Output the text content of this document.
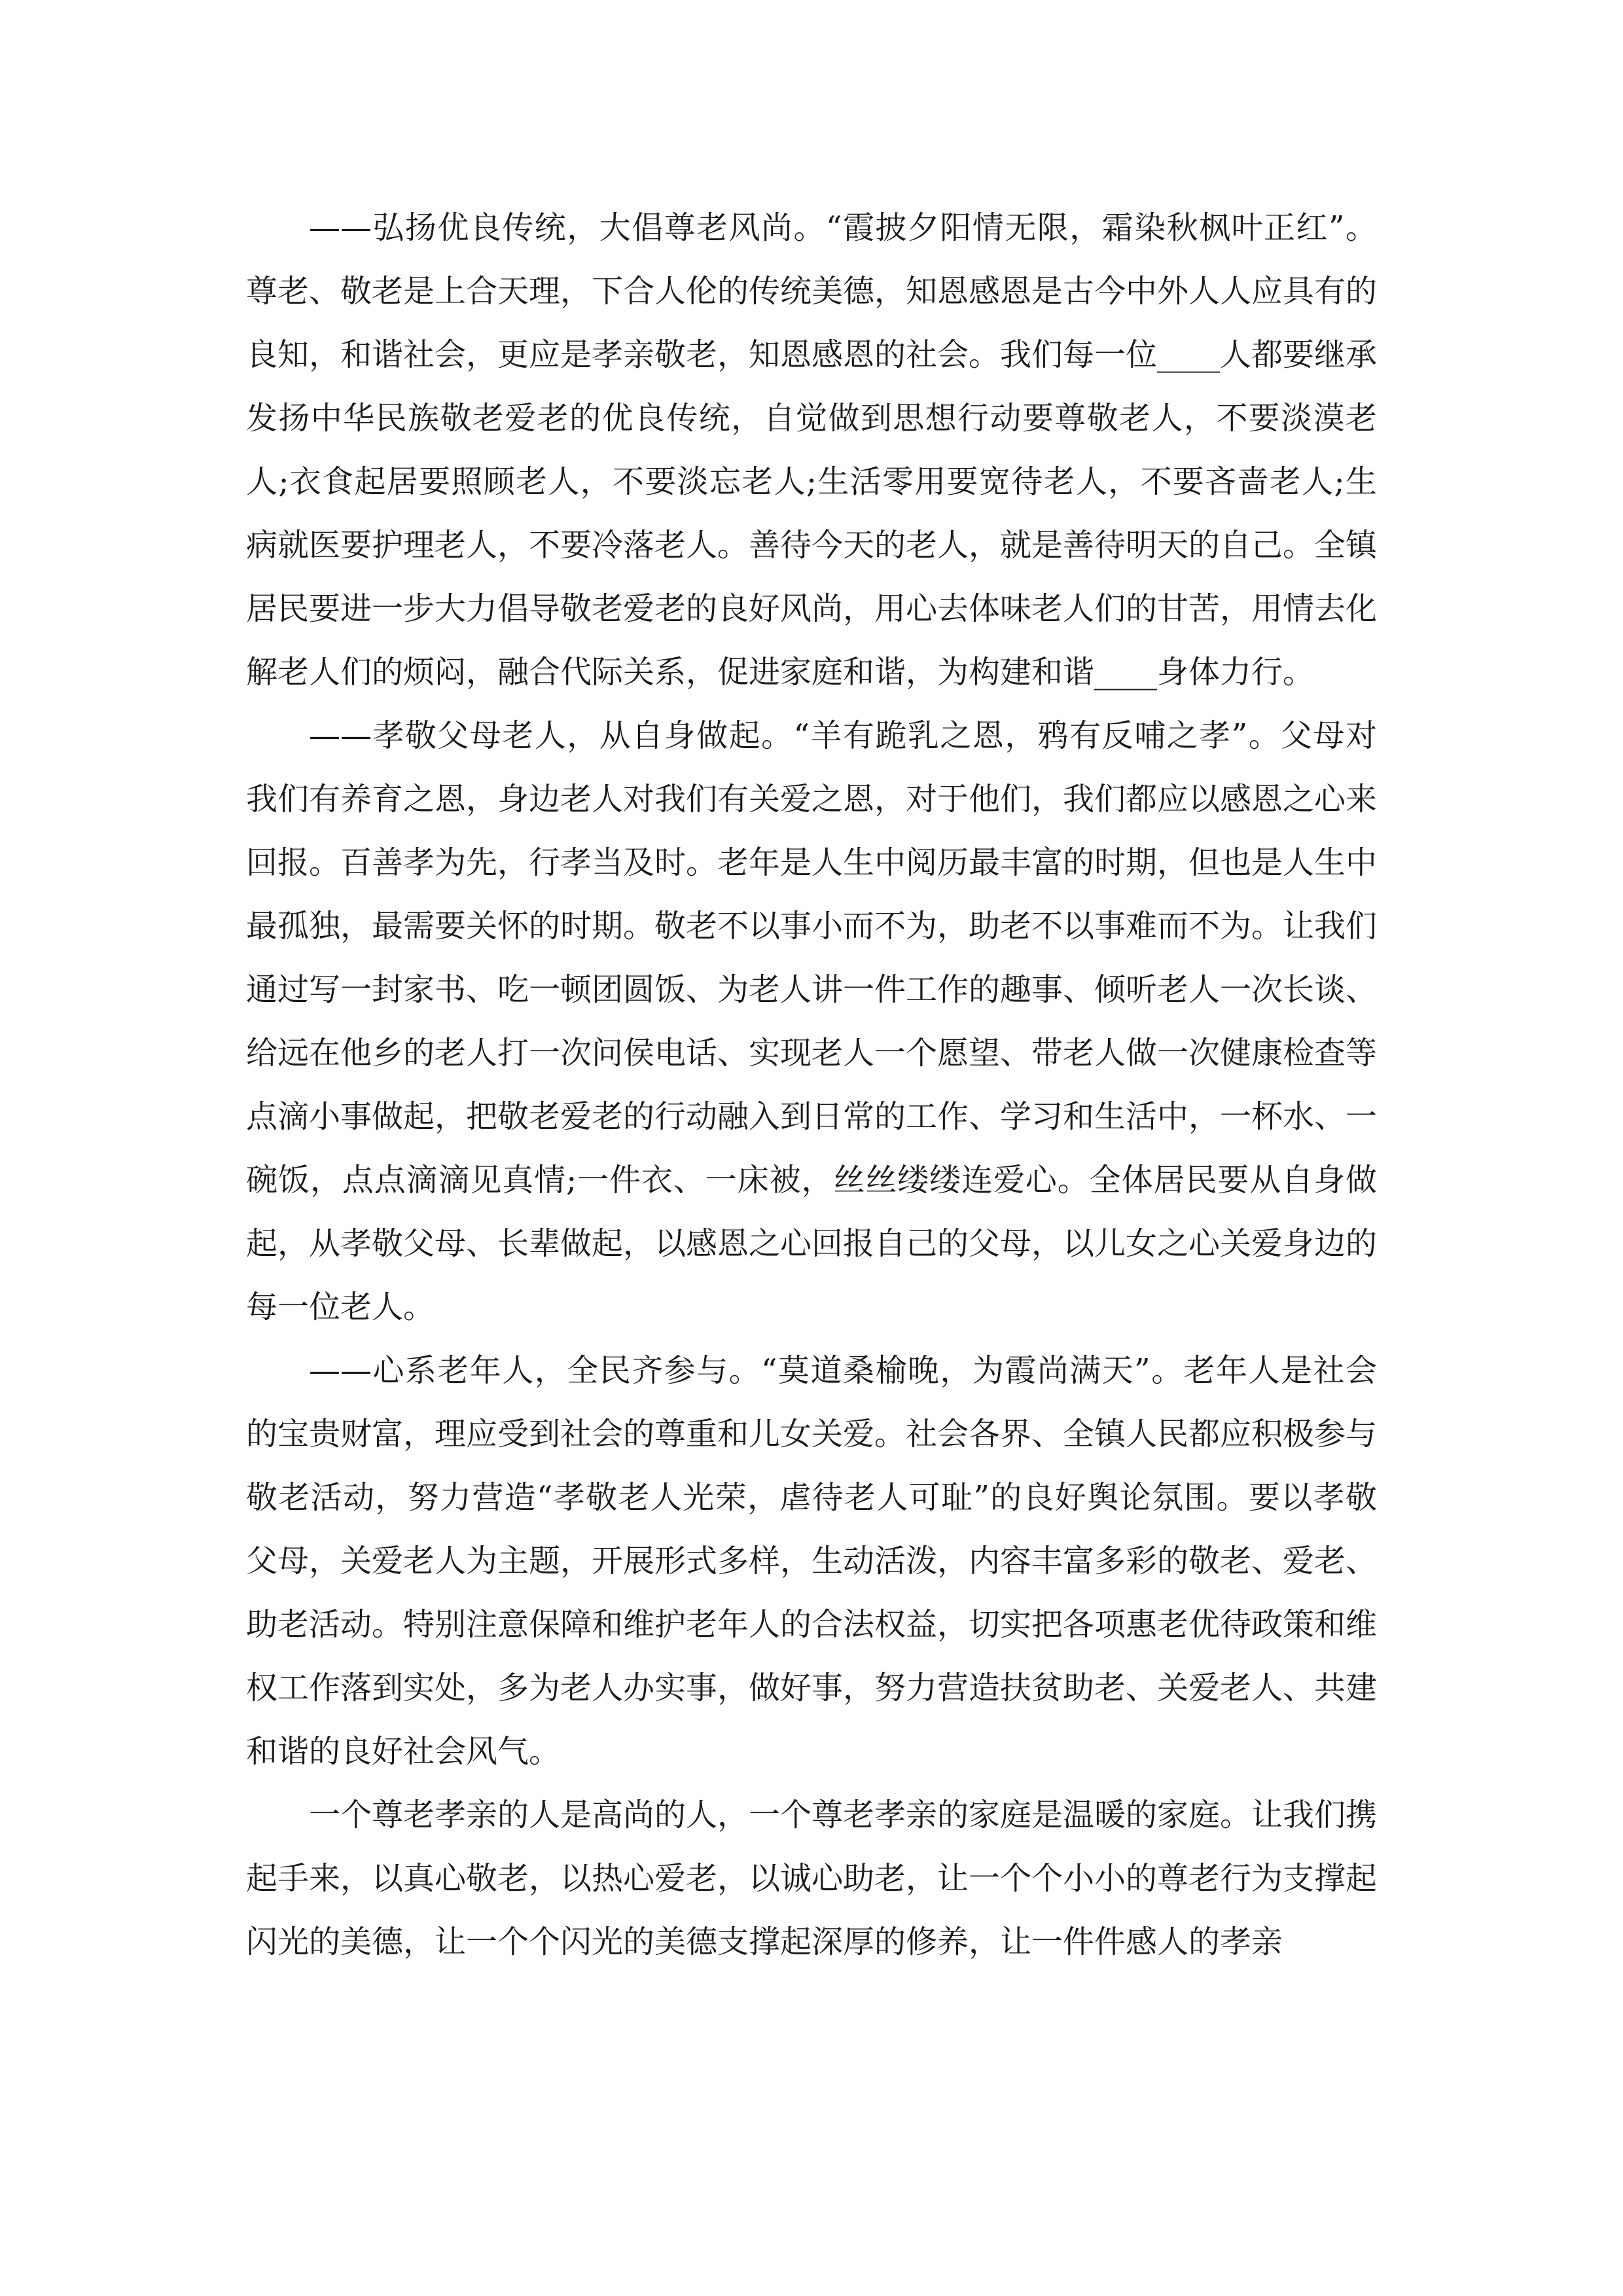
——弘扬优良传统，大倡尊老风尚。“霞披夕阳情无限，霜染秋枫叶正红”。尊老、敬老是上合天理，下合人伦的传统美德，知恩感恩是古今中外人人应具有的良知，和谐社会，更应是孝亲敬老，知恩感恩的社会。我们每一位____人都要继承发扬中华民族敬老爱老的优良传统，自觉做到思想行动要尊敬老人，不要淡漠老人;衣食起居要照顾老人，不要淡忘老人;生活零用要宽待老人，不要吝啬老人;生病就医要护理老人，不要冷落老人。善待今天的老人，就是善待明天的自己。全镇居民要进一步大力倡导敬老爱老的良好风尚，用心去体味老人们的甘苦，用情去化解老人们的烦闷，融合代际关系，促进家庭和谐，为构建和谐____身体力行。

——孝敬父母老人，从自身做起。“羊有跪乳之恩，鸦有反哺之孝”。父母对我们有养育之恩，身边老人对我们有关爱之恩，对于他们，我们都应以感恩之心来回报。百善孝为先，行孝当及时。老年是人生中阅历最丰富的时期，但也是人生中最孤独，最需要关怀的时期。敬老不以事小而不为，助老不以事难而不为。让我们通过写一封家书、吃一顿团圆饭、为老人讲一件工作的趣事、倾听老人一次长谈、给远在他乡的老人打一次问侯电话、实现老人一个愿望、带老人做一次健康检查等点滴小事做起，把敬老爱老的行动融入到日常的工作、学习和生活中，一杯水、一碗饭，点点滴滴见真情;一件衣、一床被，丝丝缕缕连爱心。全体居民要从自身做起，从孝敬父母、长辈做起，以感恩之心回报自己的父母，以儿女之心关爱身边的每一位老人。

——心系老年人，全民齐参与。“莫道桑榆晚，为霞尚满天”。老年人是社会的宝贵财富，理应受到社会的尊重和儿女关爱。社会各界、全镇人民都应积极参与敬老活动，努力营造“孝敬老人光荣，虐待老人可耻”的良好舆论氛围。要以孝敬父母，关爱老人为主题，开展形式多样，生动活泼，内容丰富多彩的敬老、爱老、助老活动。特别注意保障和维护老年人的合法权益，切实把各项惠老优待政策和维权工作落到实处，多为老人办实事，做好事，努力营造扶贫助老、关爱老人、共建和谐的良好社会风气。

一个尊老孝亲的人是高尚的人，一个尊老孝亲的家庭是温暖的家庭。让我们携起手来，以真心敬老，以热心爱老，以诚心助老，让一个个小小的尊老行为支撑起闪光的美德，让一个个闪光的美德支撑起深厚的修养，让一件件感人的孝亲
